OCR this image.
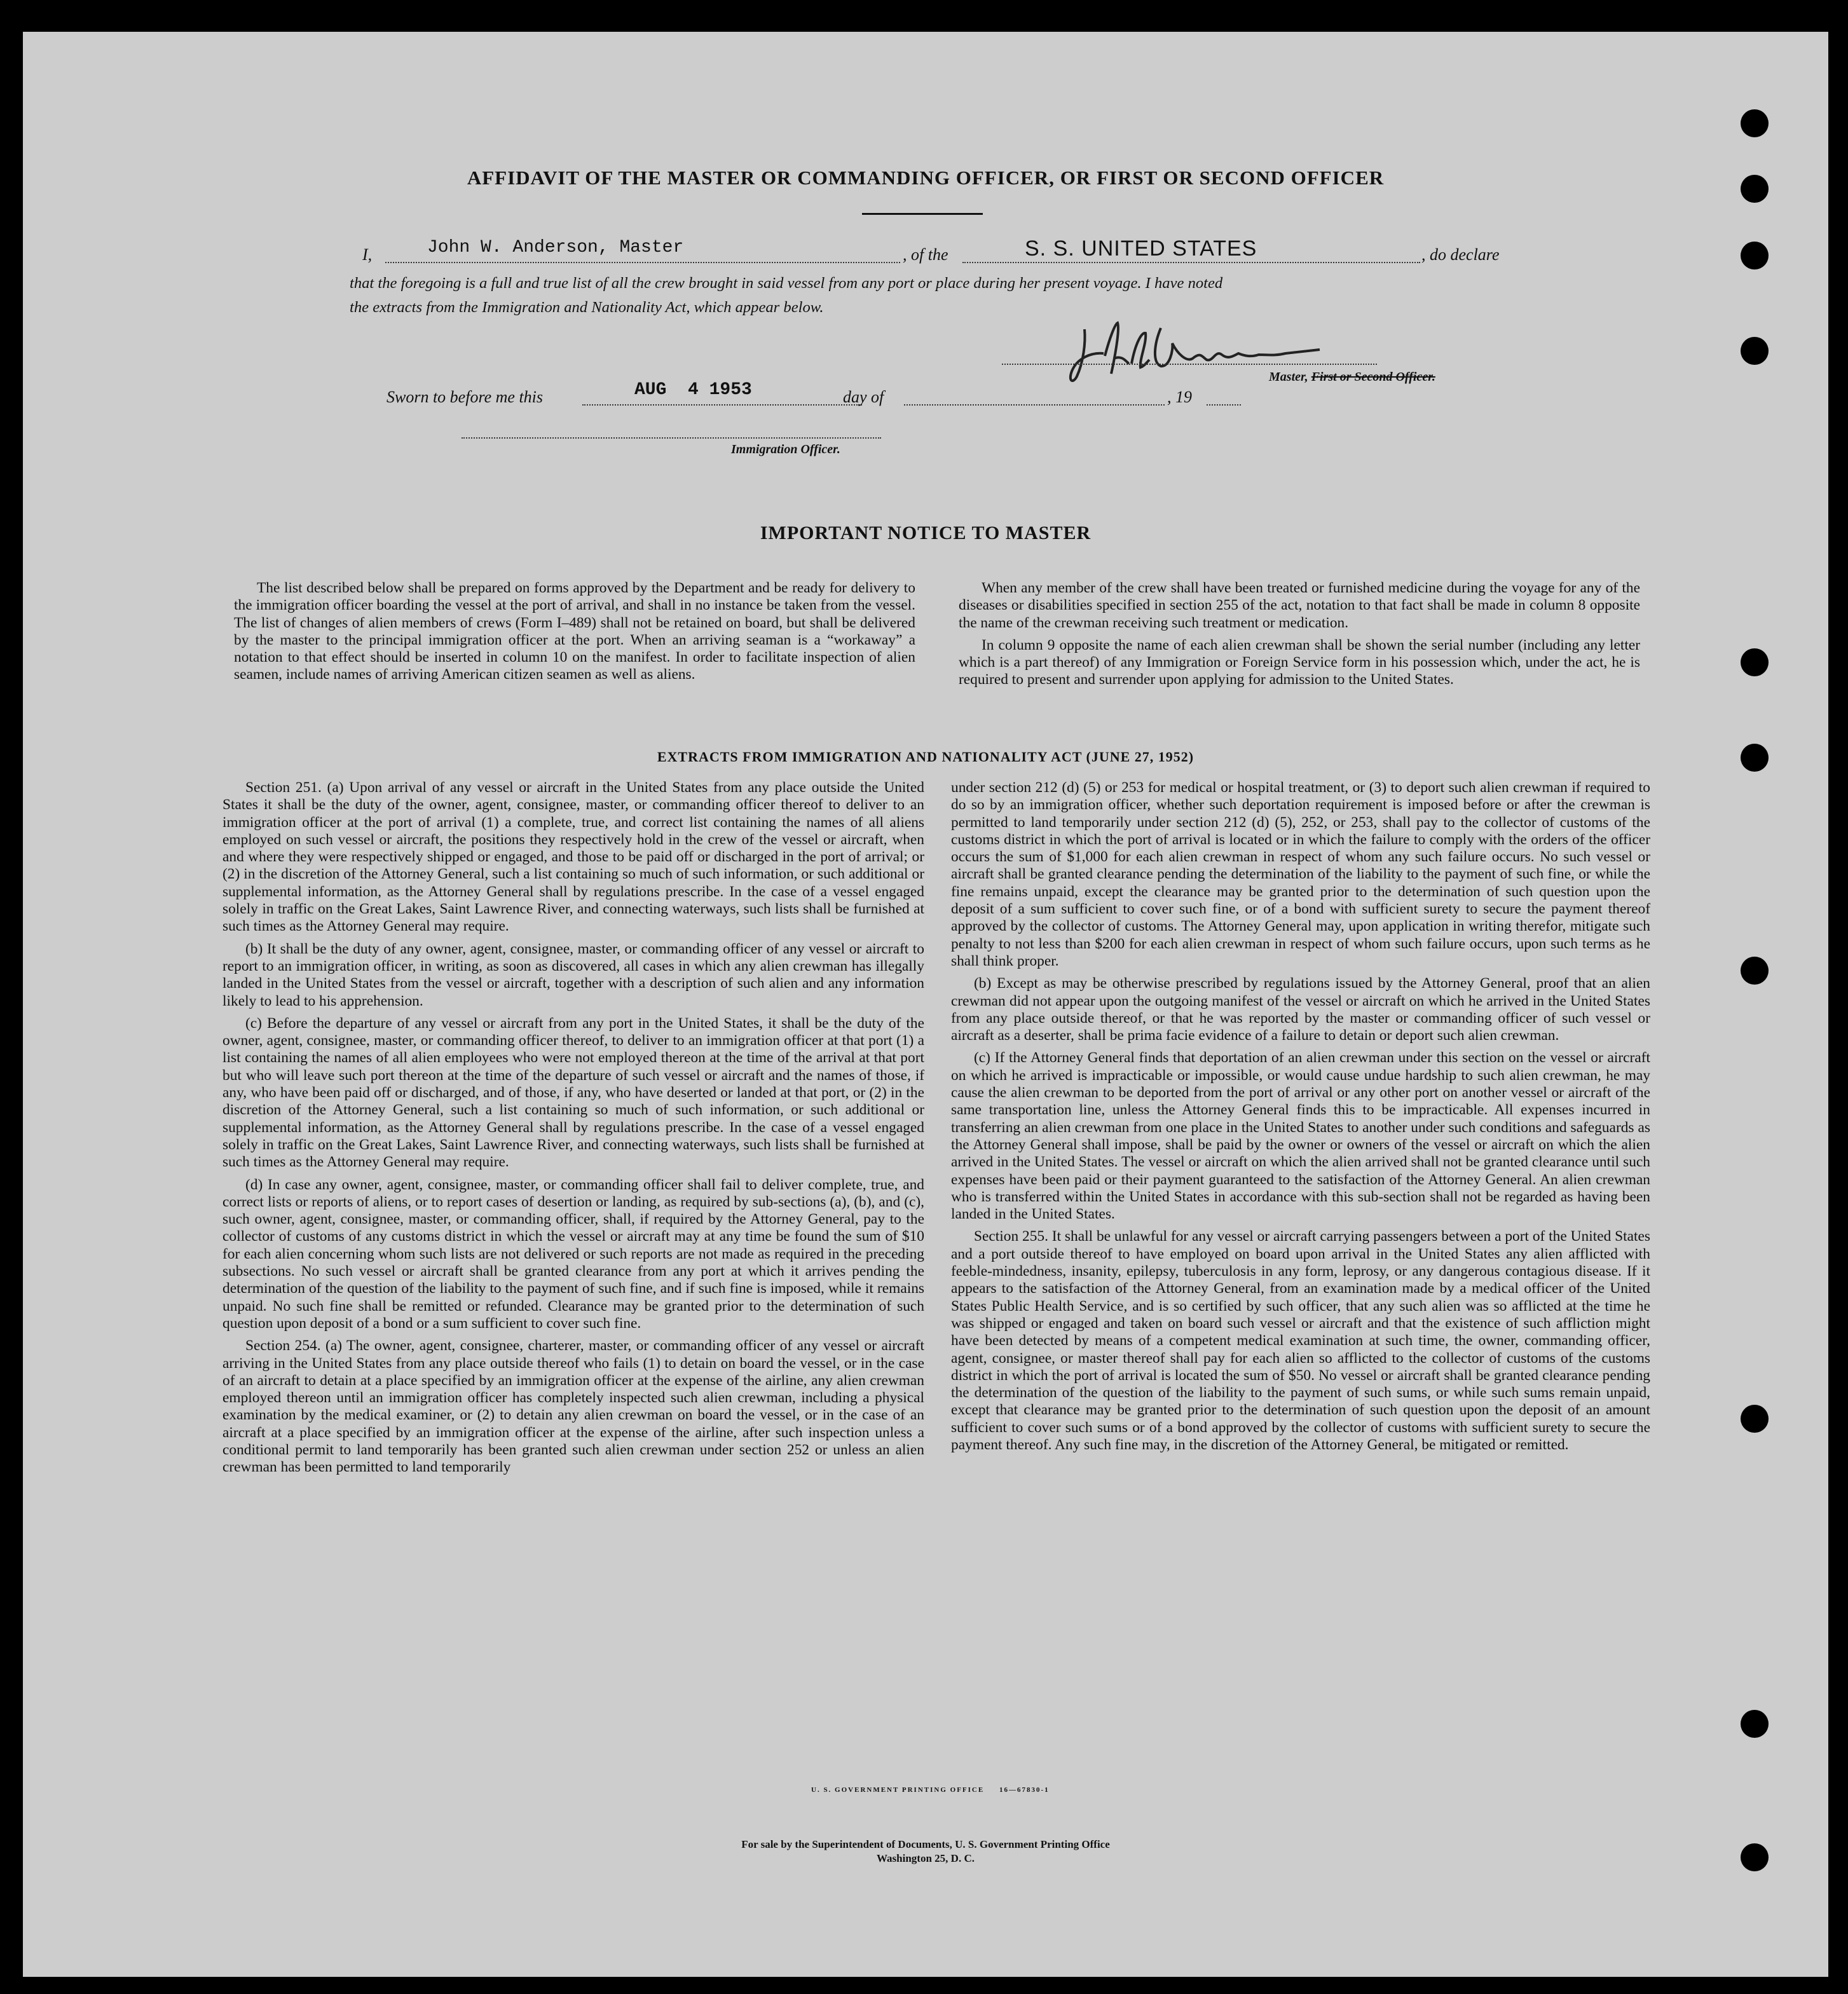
AFFIDAVIT OF THE MASTER OR COMMANDING OFFICER, OR FIRST OR SECOND OFFICER
I,	John W. Anderson, Master	, of the	S. S. UNITED STATES	, do declare
that the foregoing is a full and true list of all the crew brought in said vessel from any port or place during her present voyage. I have noted
the extracts from the Immigration and Nationality Act, which appear below.
Master, First or Second Officer.
Sworn to before me this	AUG  4 1953	day of	, 19
Immigration Officer.
IMPORTANT NOTICE TO MASTER

The list described below shall be prepared on forms approved by the Department and be ready for delivery to the immigration officer boarding the vessel at the port of arrival, and shall in no instance be taken from the vessel. The list of changes of alien members of crews (Form I–489) shall not be retained on board, but shall be delivered by the master to the principal immigration officer at the port. When an arriving seaman is a “workaway” a notation to that effect should be inserted in column 10 on the manifest. In order to facilitate inspection of alien seamen, include names of arriving American citizen seamen as well as aliens.

When any member of the crew shall have been treated or furnished medicine during the voyage for any of the diseases or disabilities specified in section 255 of the act, notation to that fact shall be made in column 8 opposite the name of the crewman receiving such treatment or medication.

In column 9 opposite the name of each alien crewman shall be shown the serial number (including any letter which is a part thereof) of any Immigration or Foreign Service form in his possession which, under the act, he is required to present and surrender upon applying for admission to the United States.

EXTRACTS FROM IMMIGRATION AND NATIONALITY ACT (JUNE 27, 1952)

Section 251. (a) Upon arrival of any vessel or aircraft in the United States from any place outside the United States it shall be the duty of the owner, agent, consignee, master, or commanding officer thereof to deliver to an immigration officer at the port of arrival (1) a complete, true, and correct list containing the names of all aliens employed on such vessel or aircraft, the positions they respectively hold in the crew of the vessel or aircraft, when and where they were respectively shipped or engaged, and those to be paid off or discharged in the port of arrival; or (2) in the discretion of the Attorney General, such a list containing so much of such information, or such additional or supplemental information, as the Attorney General shall by regulations prescribe. In the case of a vessel engaged solely in traffic on the Great Lakes, Saint Lawrence River, and connecting waterways, such lists shall be furnished at such times as the Attorney General may require.

(b) It shall be the duty of any owner, agent, consignee, master, or commanding officer of any vessel or aircraft to report to an immigration officer, in writing, as soon as discovered, all cases in which any alien crewman has illegally landed in the United States from the vessel or aircraft, together with a description of such alien and any information likely to lead to his apprehension.

(c) Before the departure of any vessel or aircraft from any port in the United States, it shall be the duty of the owner, agent, consignee, master, or commanding officer thereof, to deliver to an immigration officer at that port (1) a list containing the names of all alien employees who were not employed thereon at the time of the arrival at that port but who will leave such port thereon at the time of the departure of such vessel or aircraft and the names of those, if any, who have been paid off or discharged, and of those, if any, who have deserted or landed at that port, or (2) in the discretion of the Attorney General, such a list containing so much of such information, or such additional or supplemental information, as the Attorney General shall by regulations prescribe. In the case of a vessel engaged solely in traffic on the Great Lakes, Saint Lawrence River, and connecting waterways, such lists shall be furnished at such times as the Attorney General may require.

(d) In case any owner, agent, consignee, master, or commanding officer shall fail to deliver complete, true, and correct lists or reports of aliens, or to report cases of desertion or landing, as required by sub-sections (a), (b), and (c), such owner, agent, consignee, master, or commanding officer, shall, if required by the Attorney General, pay to the collector of customs of any customs district in which the vessel or aircraft may at any time be found the sum of $10 for each alien concerning whom such lists are not delivered or such reports are not made as required in the preceding subsections. No such vessel or aircraft shall be granted clearance from any port at which it arrives pending the determination of the question of the liability to the payment of such fine, and if such fine is imposed, while it remains unpaid. No such fine shall be remitted or refunded. Clearance may be granted prior to the determination of such question upon deposit of a bond or a sum sufficient to cover such fine.

Section 254. (a) The owner, agent, consignee, charterer, master, or commanding officer of any vessel or aircraft arriving in the United States from any place outside thereof who fails (1) to detain on board the vessel, or in the case of an aircraft to detain at a place specified by an immigration officer at the expense of the airline, any alien crewman employed thereon until an immigration officer has completely inspected such alien crewman, including a physical examination by the medical examiner, or (2) to detain any alien crewman on board the vessel, or in the case of an aircraft at a place specified by an immigration officer at the expense of the airline, after such inspection unless a conditional permit to land temporarily has been granted such alien crewman under section 252 or unless an alien crewman has been permitted to land temporarily

under section 212 (d) (5) or 253 for medical or hospital treatment, or (3) to deport such alien crewman if required to do so by an immigration officer, whether such deportation requirement is imposed before or after the crewman is permitted to land temporarily under section 212 (d) (5), 252, or 253, shall pay to the collector of customs of the customs district in which the port of arrival is located or in which the failure to comply with the orders of the officer occurs the sum of $1,000 for each alien crewman in respect of whom any such failure occurs. No such vessel or aircraft shall be granted clearance pending the determination of the liability to the payment of such fine, or while the fine remains unpaid, except the clearance may be granted prior to the determination of such question upon the deposit of a sum sufficient to cover such fine, or of a bond with sufficient surety to secure the payment thereof approved by the collector of customs. The Attorney General may, upon application in writing therefor, mitigate such penalty to not less than $200 for each alien crewman in respect of whom such failure occurs, upon such terms as he shall think proper.

(b) Except as may be otherwise prescribed by regulations issued by the Attorney General, proof that an alien crewman did not appear upon the outgoing manifest of the vessel or aircraft on which he arrived in the United States from any place outside thereof, or that he was reported by the master or commanding officer of such vessel or aircraft as a deserter, shall be prima facie evidence of a failure to detain or deport such alien crewman.

(c) If the Attorney General finds that deportation of an alien crewman under this section on the vessel or aircraft on which he arrived is impracticable or impossible, or would cause undue hardship to such alien crewman, he may cause the alien crewman to be deported from the port of arrival or any other port on another vessel or aircraft of the same transportation line, unless the Attorney General finds this to be impracticable. All expenses incurred in transferring an alien crewman from one place in the United States to another under such conditions and safeguards as the Attorney General shall impose, shall be paid by the owner or owners of the vessel or aircraft on which the alien arrived in the United States. The vessel or aircraft on which the alien arrived shall not be granted clearance until such expenses have been paid or their payment guaranteed to the satisfaction of the Attorney General. An alien crewman who is transferred within the United States in accordance with this sub-section shall not be regarded as having been landed in the United States.

Section 255. It shall be unlawful for any vessel or aircraft carrying passengers between a port of the United States and a port outside thereof to have employed on board upon arrival in the United States any alien afflicted with feeble-mindedness, insanity, epilepsy, tuberculosis in any form, leprosy, or any dangerous contagious disease. If it appears to the satisfaction of the Attorney General, from an examination made by a medical officer of the United States Public Health Service, and is so certified by such officer, that any such alien was so afflicted at the time he was shipped or engaged and taken on board such vessel or aircraft and that the existence of such affliction might have been detected by means of a competent medical examination at such time, the owner, commanding officer, agent, consignee, or master thereof shall pay for each alien so afflicted to the collector of customs of the customs district in which the port of arrival is located the sum of $50. No vessel or aircraft shall be granted clearance pending the determination of the question of the liability to the payment of such sums, or while such sums remain unpaid, except that clearance may be granted prior to the determination of such question upon the deposit of an amount sufficient to cover such sums or of a bond approved by the collector of customs with sufficient surety to secure the payment thereof. Any such fine may, in the discretion of the Attorney General, be mitigated or remitted.

U. S. GOVERNMENT PRINTING OFFICE     16—67830-1
For sale by the Superintendent of Documents, U. S. Government Printing Office
Washington 25, D. C.
